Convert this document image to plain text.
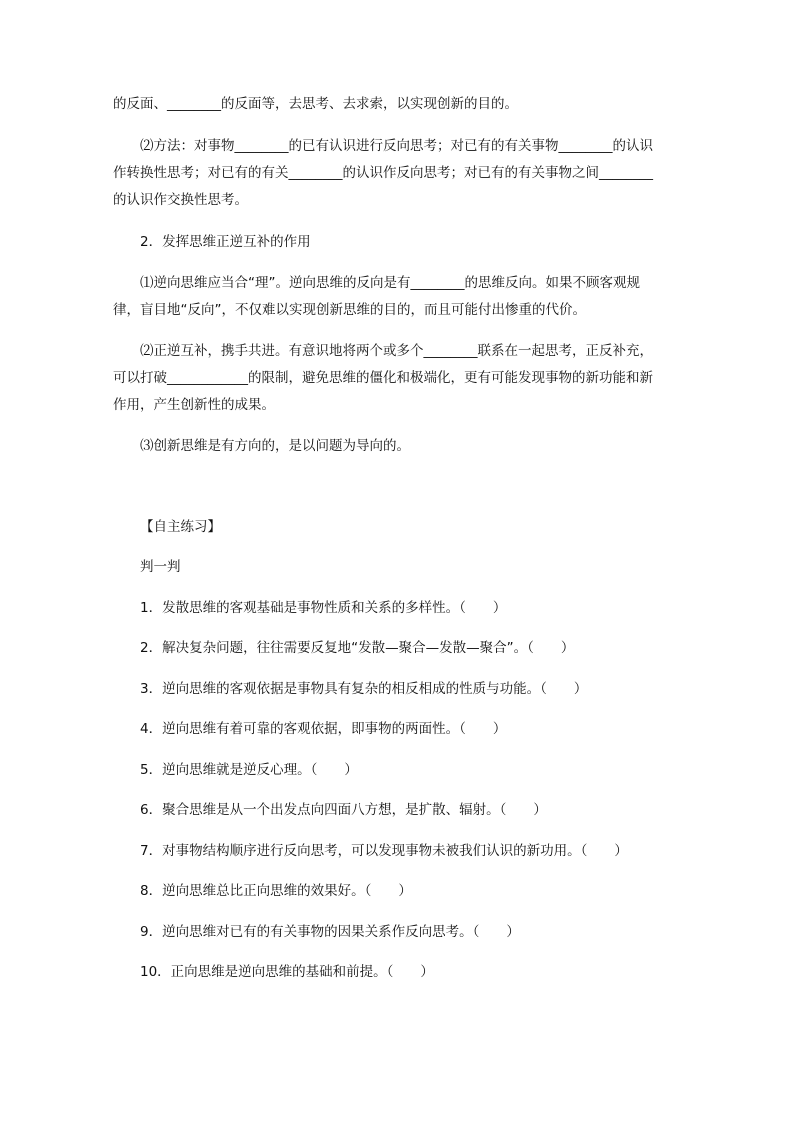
的反面、________的反面等，去思考、去求索，以实现创新的目的。
⑵方法：对事物________的已有认识进行反向思考；对已有的有关事物________的认识
作转换性思考；对已有的有关________的认识作反向思考；对已有的有关事物之间________
的认识作交换性思考。
2．发挥思维正逆互补的作用
⑴逆向思维应当合“理”。逆向思维的反向是有________的思维反向。如果不顾客观规
律，盲目地“反向”，不仅难以实现创新思维的目的，而且可能付出惨重的代价。
⑵正逆互补，携手共进。有意识地将两个或多个________联系在一起思考，正反补充，
可以打破____________的限制，避免思维的僵化和极端化，更有可能发现事物的新功能和新
作用，产生创新性的成果。
⑶创新思维是有方向的，是以问题为导向的。
【自主练习】
判一判
1．发散思维的客观基础是事物性质和关系的多样性。（　　）
2．解决复杂问题，往往需要反复地“发散—聚合—发散—聚合”。（　　）
3．逆向思维的客观依据是事物具有复杂的相反相成的性质与功能。（　　）
4．逆向思维有着可靠的客观依据，即事物的两面性。（　　）
5．逆向思维就是逆反心理。（　　）
6．聚合思维是从一个出发点向四面八方想，是扩散、辐射。（　　）
7．对事物结构顺序进行反向思考，可以发现事物未被我们认识的新功用。（　　）
8．逆向思维总比正向思维的效果好。（　　）
9．逆向思维对已有的有关事物的因果关系作反向思考。（　　）
10．正向思维是逆向思维的基础和前提。（　　）
